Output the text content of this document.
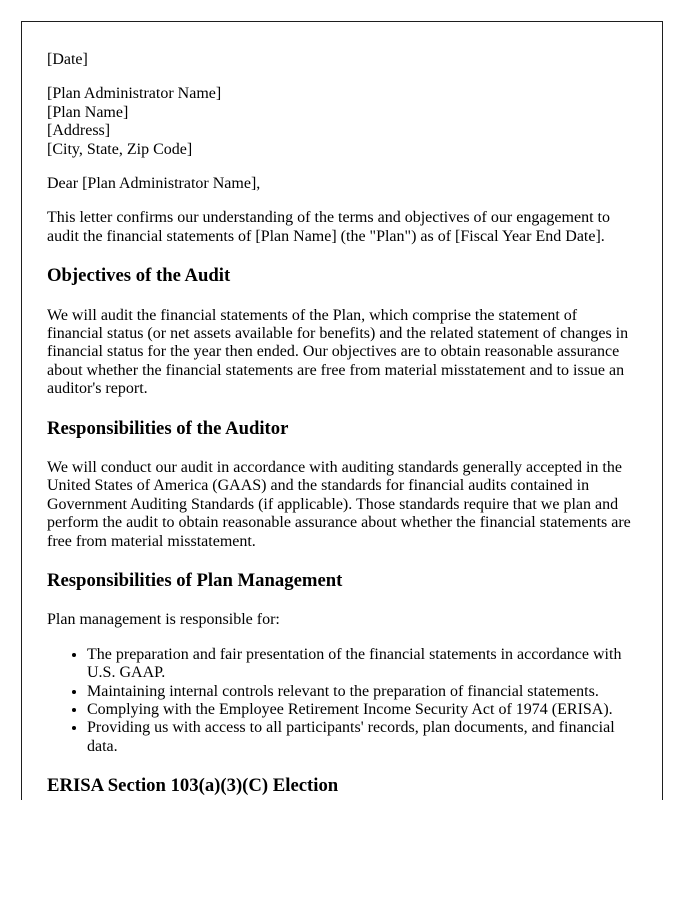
[Date]

[Plan Administrator Name]
[Plan Name]
[Address]
[City, State, Zip Code]

Dear [Plan Administrator Name],

This letter confirms our understanding of the terms and objectives of our engagement to audit the financial statements of [Plan Name] (the "Plan") as of [Fiscal Year End Date].

Objectives of the Audit

We will audit the financial statements of the Plan, which comprise the statement of financial status (or net assets available for benefits) and the related statement of changes in financial status for the year then ended. Our objectives are to obtain reasonable assurance about whether the financial statements are free from material misstatement and to issue an auditor's report.

Responsibilities of the Auditor

We will conduct our audit in accordance with auditing standards generally accepted in the United States of America (GAAS) and the standards for financial audits contained in Government Auditing Standards (if applicable). Those standards require that we plan and perform the audit to obtain reasonable assurance about whether the financial statements are free from material misstatement.

Responsibilities of Plan Management

Plan management is responsible for:

• The preparation and fair presentation of the financial statements in accordance with U.S. GAAP.
• Maintaining internal controls relevant to the preparation of financial statements.
• Complying with the Employee Retirement Income Security Act of 1974 (ERISA).
• Providing us with access to all participants' records, plan documents, and financial data.
ERISA Section 103(a)(3)(C) Election
